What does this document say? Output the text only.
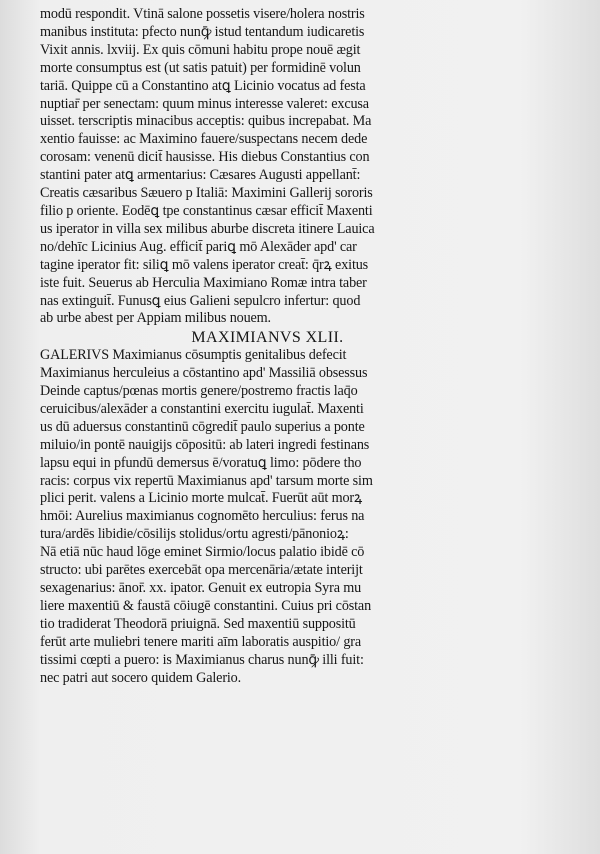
modū respondit. Vtinā salone possetis visere/holera nostris
manibus instituta: pfecto nunꝙ̄ istud tentandum iudicaretis
Vixit annis. lxviij. Ex quis cōmuni habitu prope nouē ægit
morte consumptus est (ut satis patuit) per formidinē volun
tariā. Quippe cū a Constantino atꝗ Licinio vocatus ad festa
nuptiar̄ per senectam: quum minus interesse valeret: excusa
uisset. terscriptis minacibus acceptis: quibus increpabat. Ma
xentio fauisse: ac Maximino fauere/suspectans necem dede
corosam: venenū dicit̄ hausisse. His diebus Constantius con
stantini pater atꝗ armentarius: Cæsares Augusti appellant̄:
Creatis cæsaribus Sæuero p Italiā: Maximini Gallerij sororis
filio p oriente. Eodēꝗ tpe constantinus cæsar efficit̄ Maxenti
us iperator in villa sex milibus aburbe discreta itinere Lauica
no/dehīc Licinius Aug. efficit̄ pariꝗ mō Alexāder apd' car
tagine iperator fit: siliꝗ mō valens iperator creat̄: q̄rꝝ exitus
iste fuit. Seuerus ab Herculia Maximiano Romæ intra taber
nas extinguit̄. Funusꝗ eius Galieni sepulcro infertur: quod
ab urbe abest per Appiam milibus nouem.
MAXIMIANVS XLII.
GALERIVS Maximianus cōsumptis genitalibus defecit
Maximianus herculeius a cōstantino apd' Massiliā obsessus
Deinde captus/pœnas mortis genere/postremo fractis laq̄o
ceruicibus/alexāder a constantini exercitu iugulat̄. Maxenti
us dū aduersus constantinū cōgredit̄ paulo superius a ponte
miluio/in pontē nauigijs cōpositū: ab lateri ingredi festinans
lapsu equi in pfundū demersus ē/voratuꝗ limo: pōdere tho
racis: corpus vix repertū Maximianus apd' tarsum morte sim
plici perit. valens a Licinio morte mulcat̄. Fuerūt aūt morꝝ
hmōi: Aurelius maximianus cognomēto herculius: ferus na
tura/ardēs libidie/cōsilijs stolidus/ortu agresti/pānonioꝝ:
Nā etiā nūc haud lōge eminet Sirmio/locus palatio ibidē cō
structo: ubi parētes exercebāt opa mercenāria/ætate interijt
sexagenarius: ānor̄. xx. ipator. Genuit ex eutropia Syra mu
liere maxentiū & faustā cōiugē constantini. Cuius pri cōstan
tio tradiderat Theodorā priuignā. Sed maxentiū suppositū
ferūt arte muliebri tenere mariti aīm laboratis auspitio/ gra
tissimi cœpti a puero: is Maximianus charus nunꝙ̄ illi fuit:
nec patri aut socero quidem Galerio.
